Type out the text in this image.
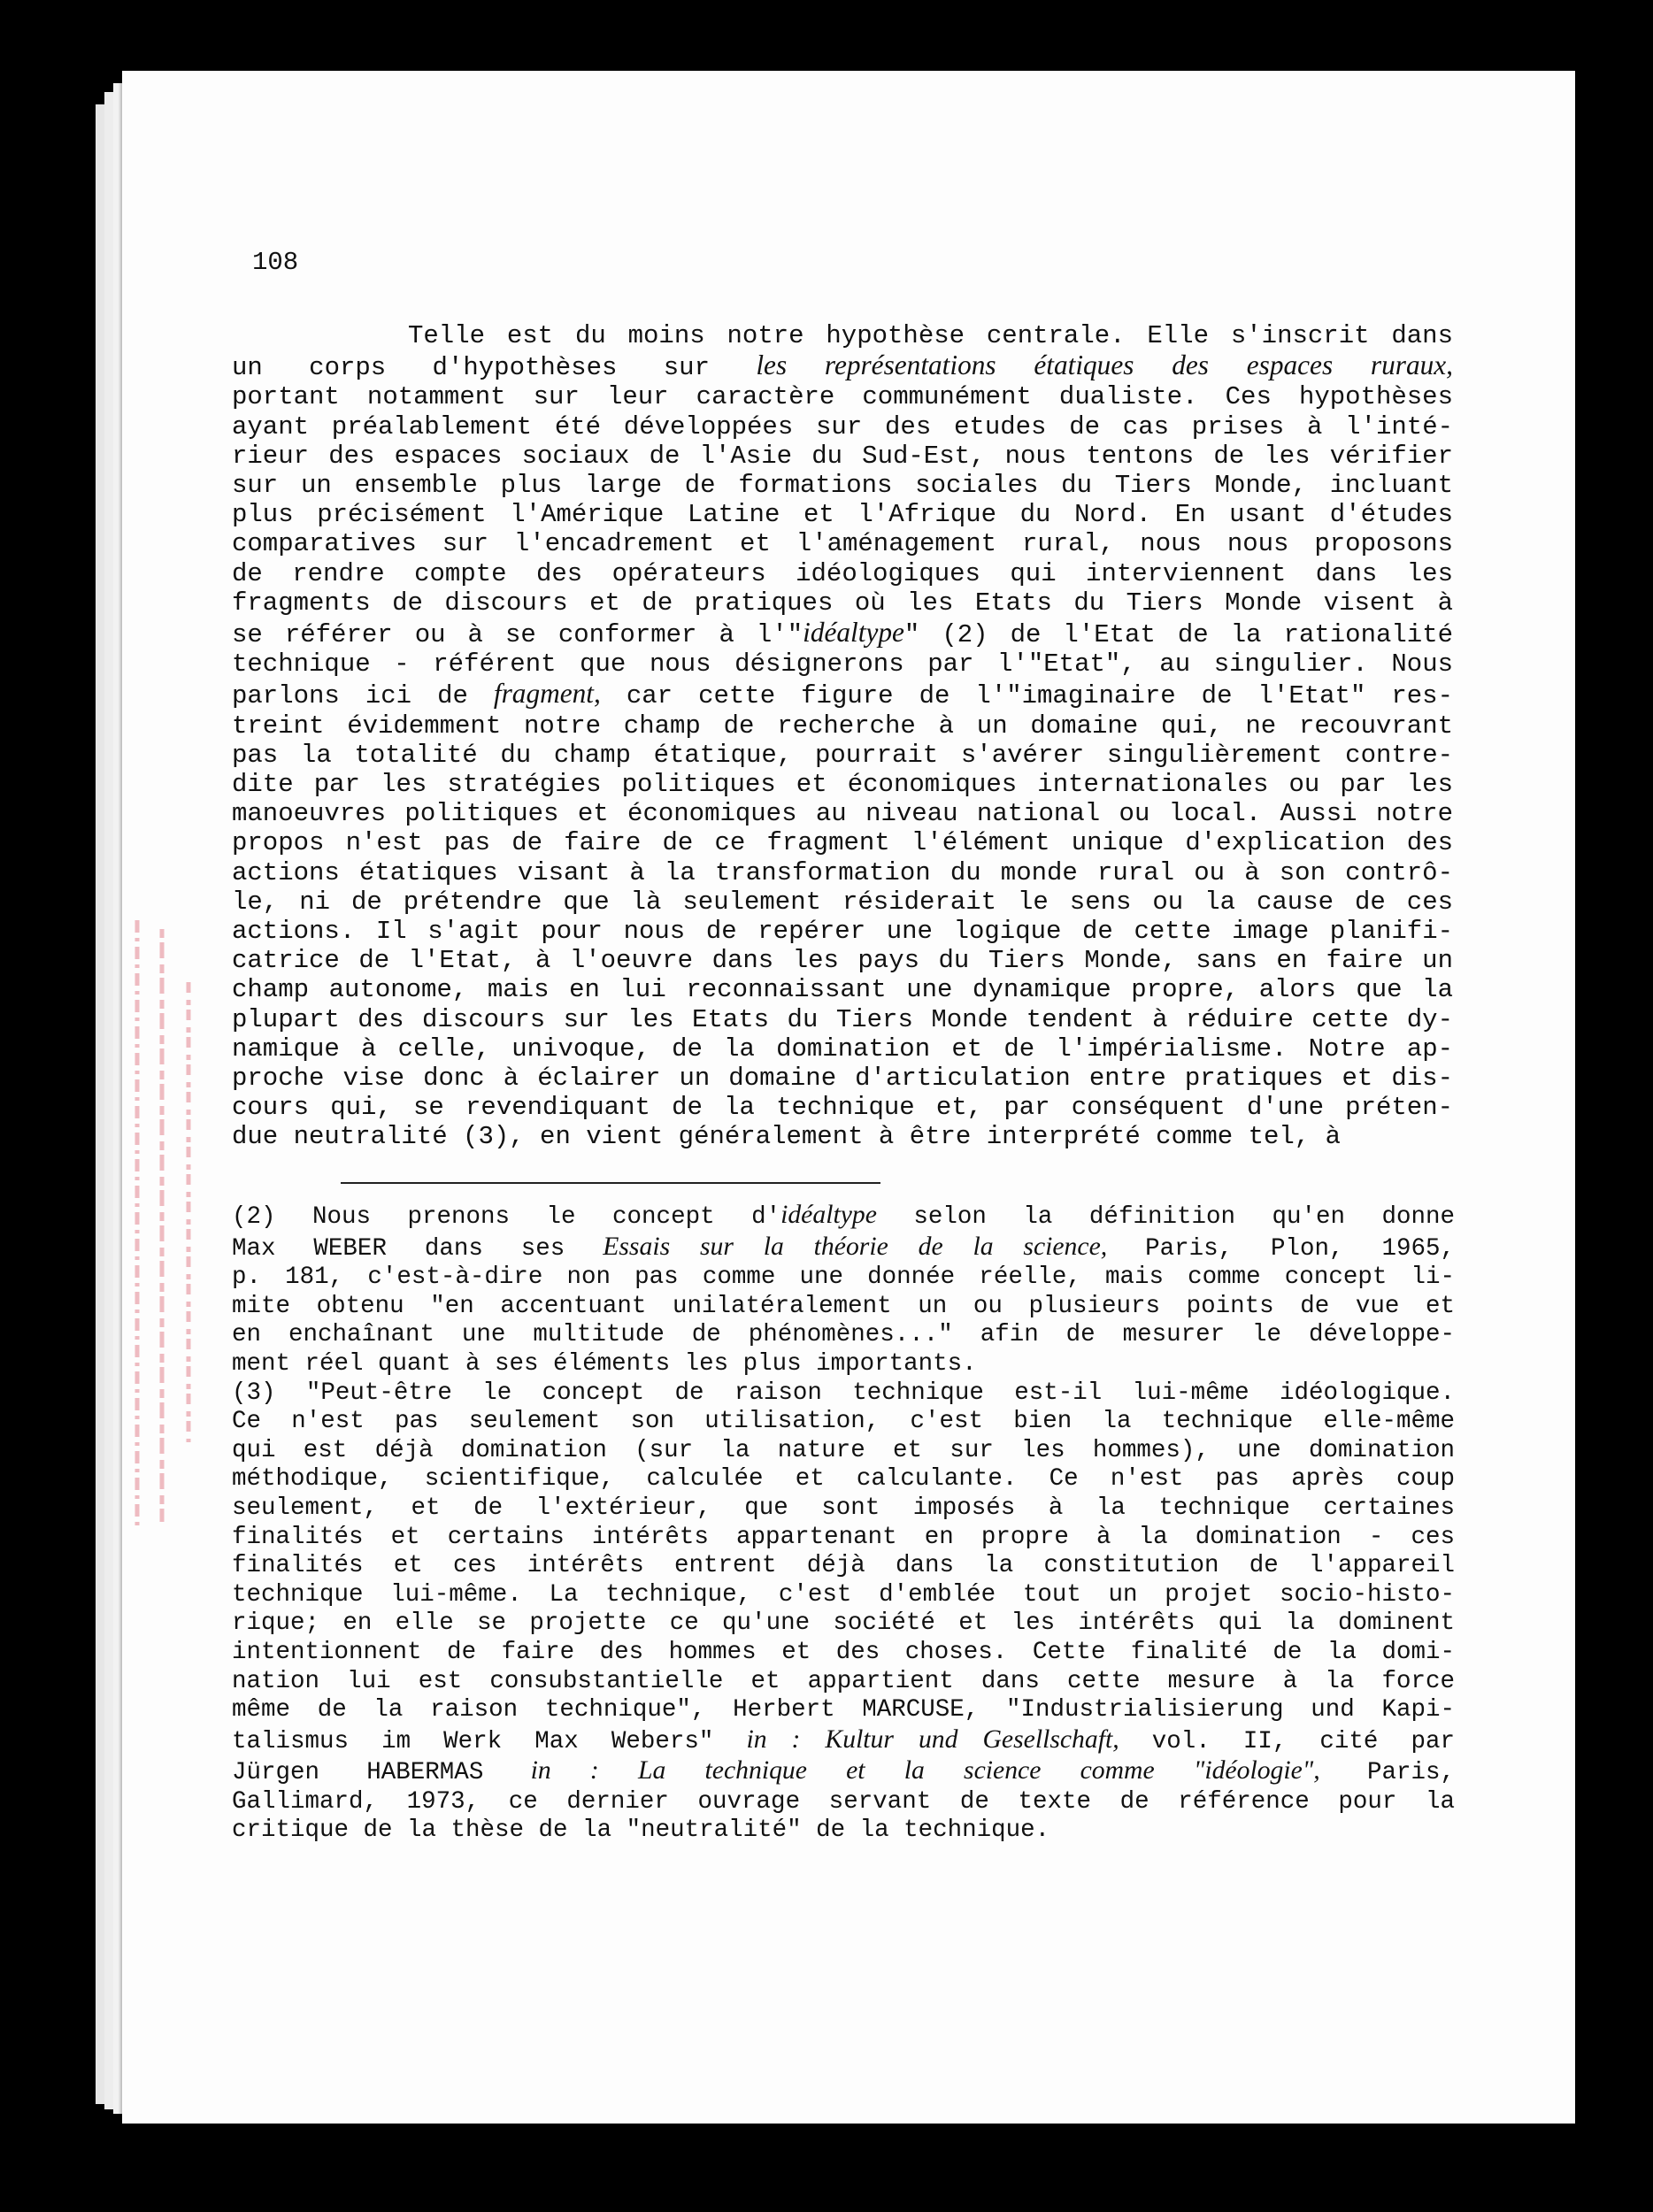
108

Telle est du moins notre hypothèse centrale. Elle s'inscrit dans
un corps d'hypothèses sur les représentations étatiques des espaces ruraux,
portant notamment sur leur caractère communément dualiste. Ces hypothèses
ayant préalablement été développées sur des etudes de cas prises à l'inté-
rieur des espaces sociaux de l'Asie du Sud-Est, nous tentons de les vérifier
sur un ensemble plus large de formations sociales du Tiers Monde, incluant
plus précisément l'Amérique Latine et l'Afrique du Nord. En usant d'études
comparatives sur l'encadrement et l'aménagement rural, nous nous proposons
de rendre compte des opérateurs idéologiques qui interviennent dans les
fragments de discours et de pratiques où les Etats du Tiers Monde visent à
se référer ou à se conformer à l'"idéaltype" (2) de l'Etat de la rationalité
technique - référent que nous désignerons par l'"Etat", au singulier. Nous
parlons ici de fragment, car cette figure de l'"imaginaire de l'Etat" res-
treint évidemment notre champ de recherche à un domaine qui, ne recouvrant
pas la totalité du champ étatique, pourrait s'avérer singulièrement contre-
dite par les stratégies politiques et économiques internationales ou par les
manoeuvres politiques et économiques au niveau national ou local. Aussi notre
propos n'est pas de faire de ce fragment l'élément unique d'explication des
actions étatiques visant à la transformation du monde rural ou à son contrô-
le, ni de prétendre que là seulement résiderait le sens ou la cause de ces
actions. Il s'agit pour nous de repérer une logique de cette image planifi-
catrice de l'Etat, à l'oeuvre dans les pays du Tiers Monde, sans en faire un
champ autonome, mais en lui reconnaissant une dynamique propre, alors que la
plupart des discours sur les Etats du Tiers Monde tendent à réduire cette dy-
namique à celle, univoque, de la domination et de l'impérialisme. Notre ap-
proche vise donc à éclairer un domaine d'articulation entre pratiques et dis-
cours qui, se revendiquant de la technique et, par conséquent d'une préten-
due neutralité (3), en vient généralement à être interprété comme tel, à
(2) Nous prenons le concept d'idéaltype selon la définition qu'en donne
Max WEBER dans ses Essais sur la théorie de la science, Paris, Plon, 1965,
p. 181, c'est-à-dire non pas comme une donnée réelle, mais comme concept li-
mite obtenu "en accentuant unilatéralement un ou plusieurs points de vue et
en enchaînant une multitude de phénomènes..." afin de mesurer le développe-
ment réel quant à ses éléments les plus importants.
(3) "Peut-être le concept de raison technique est-il lui-même idéologique.
Ce n'est pas seulement son utilisation, c'est bien la technique elle-même
qui est déjà domination (sur la nature et sur les hommes), une domination
méthodique, scientifique, calculée et calculante. Ce n'est pas après coup
seulement, et de l'extérieur, que sont imposés à la technique certaines
finalités et certains intérêts appartenant en propre à la domination - ces
finalités et ces intérêts entrent déjà dans la constitution de l'appareil
technique lui-même. La technique, c'est d'emblée tout un projet socio-histo-
rique; en elle se projette ce qu'une société et les intérêts qui la dominent
intentionnent de faire des hommes et des choses. Cette finalité de la domi-
nation lui est consubstantielle et appartient dans cette mesure à la force
même de la raison technique", Herbert MARCUSE, "Industrialisierung und Kapi-
talismus im Werk Max Webers" in : Kultur und Gesellschaft, vol. II, cité par
Jürgen HABERMAS in : La technique et la science comme "idéologie", Paris,
Gallimard, 1973, ce dernier ouvrage servant de texte de référence pour la
critique de la thèse de la "neutralité" de la technique.
